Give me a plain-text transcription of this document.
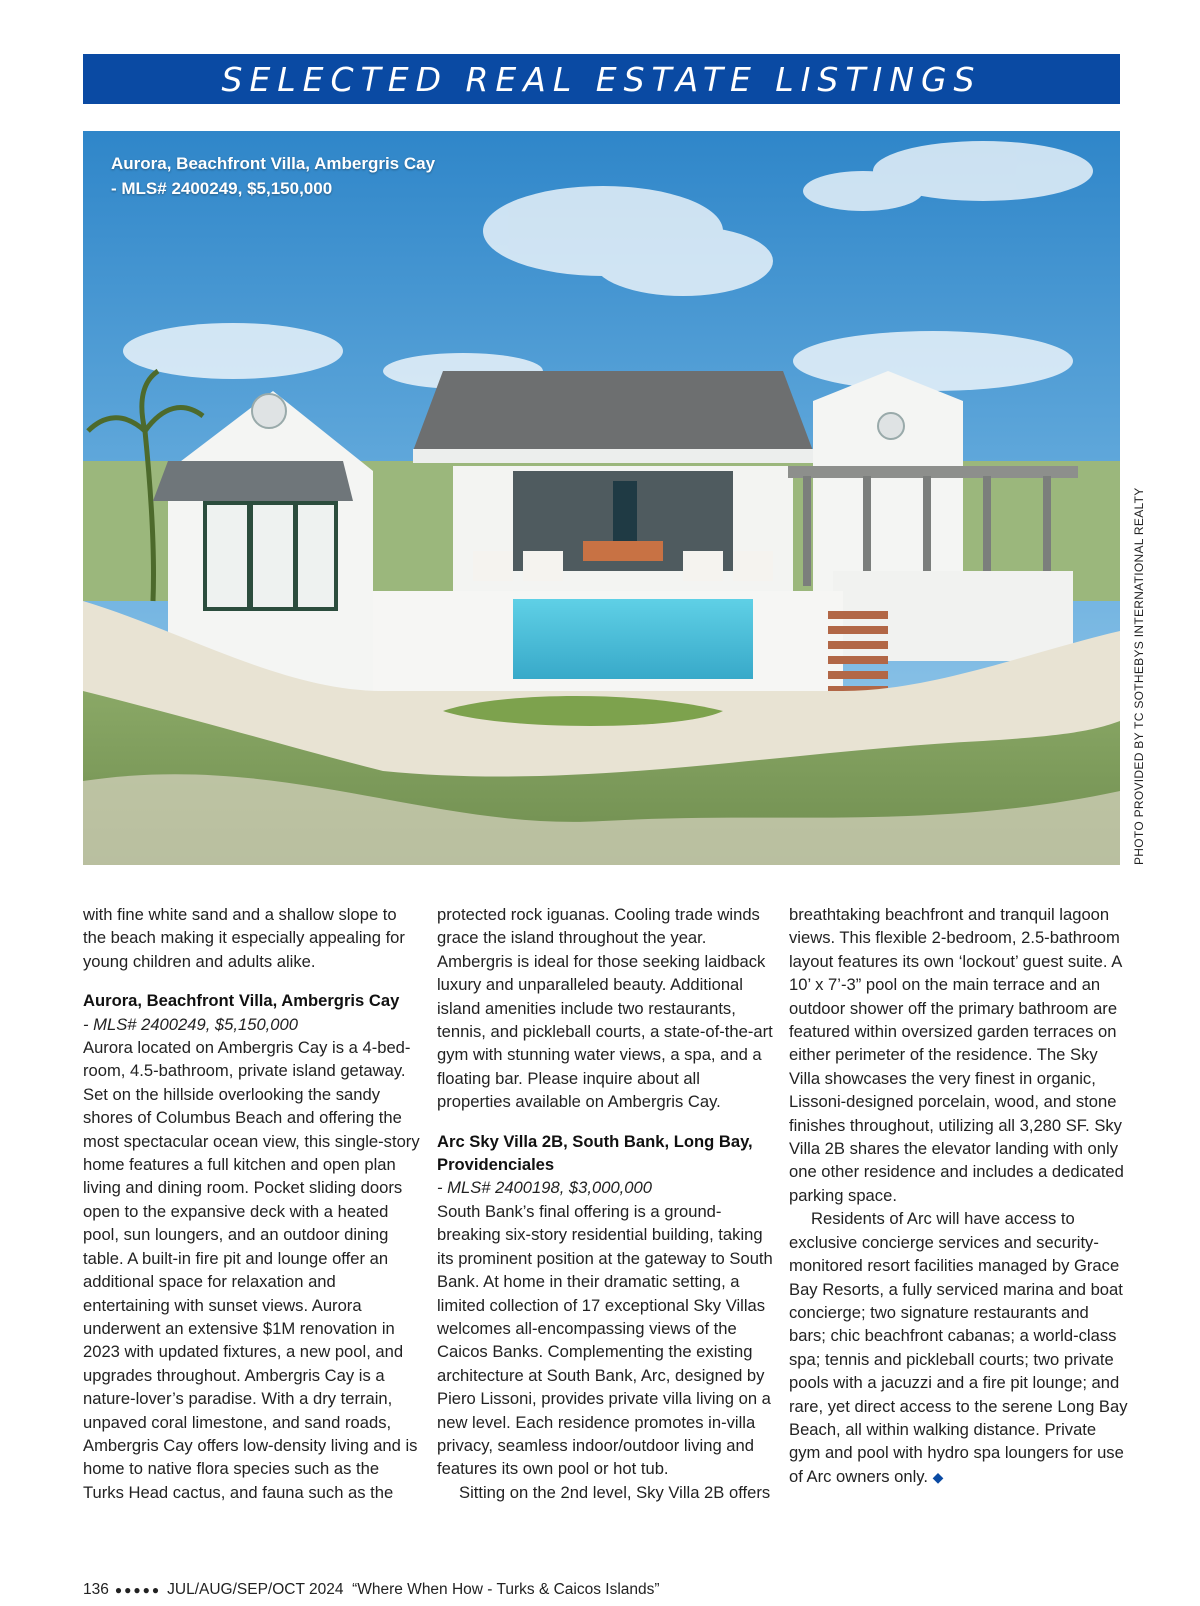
SELECTED REAL ESTATE LISTINGS
Aurora, Beachfront Villa, Ambergris Cay
- MLS# 2400249, $5,150,000
PHOTO PROVIDED BY TC SOTHEBYS INTERNATIONAL REALTY

with fine white sand and a shallow slope to the beach making it especially appealing for young children and adults alike.

Aurora, Beachfront Villa, Ambergris Cay

- MLS# 2400249, $5,150,000

Aurora located on Ambergris Cay is a 4-bed-room, 4.5-bathroom, private island getaway. Set on the hillside overlooking the sandy shores of Columbus Beach and offering the most spectacular ocean view, this single-story home features a full kitchen and open plan living and dining room. Pocket sliding doors open to the expansive deck with a heated pool, sun loungers, and an outdoor dining table. A built-in fire pit and lounge offer an additional space for relaxation and entertaining with sunset views. Aurora underwent an extensive $1M renovation in 2023 with updated fixtures, a new pool, and upgrades throughout. Ambergris Cay is a nature-lover’s paradise. With a dry terrain, unpaved coral limestone, and sand roads, Ambergris Cay offers low-density living and is home to native flora species such as the Turks Head cactus, and fauna such as the

protected rock iguanas. Cooling trade winds grace the island throughout the year. Ambergris is ideal for those seeking laidback luxury and unparalleled beauty. Additional island amenities include two restaurants, tennis, and pickleball courts, a state-of-the-art gym with stunning water views, a spa, and a floating bar. Please inquire about all properties available on Ambergris Cay.

Arc Sky Villa 2B, South Bank, Long Bay, Providenciales

- MLS# 2400198, $3,000,000

South Bank’s final offering is a ground-breaking six-story residential building, taking its prominent position at the gateway to South Bank. At home in their dramatic setting, a limited collection of 17 exceptional Sky Villas welcomes all-encompassing views of the Caicos Banks. Complementing the existing architecture at South Bank, Arc, designed by Piero Lissoni, provides private villa living on a new level. Each residence promotes in-villa privacy, seamless indoor/outdoor living and features its own pool or hot tub.

Sitting on the 2nd level, Sky Villa 2B offers

breathtaking beachfront and tranquil lagoon views. This flexible 2-bedroom, 2.5-bathroom layout features its own ‘lockout’ guest suite. A 10’ x 7’-3” pool on the main terrace and an outdoor shower off the primary bathroom are featured within oversized garden terraces on either perimeter of the residence. The Sky Villa showcases the very finest in organic, Lissoni-designed porcelain, wood, and stone finishes throughout, utilizing all 3,280 SF. Sky Villa 2B shares the elevator landing with only one other residence and includes a dedicated parking space.

Residents of Arc will have access to exclusive concierge services and security-monitored resort facilities managed by Grace Bay Resorts, a fully serviced marina and boat concierge; two signature restaurants and bars; chic beachfront cabanas; a world-class spa; tennis and pickleball courts; two private pools with a jacuzzi and a fire pit lounge; and rare, yet direct access to the serene Long Bay Beach, all within walking distance. Private gym and pool with hydro spa loungers for use of Arc owners only. ◆

136 ●●●●● JUL/AUG/SEP/OCT 2024 “Where When How - Turks & Caicos Islands”
